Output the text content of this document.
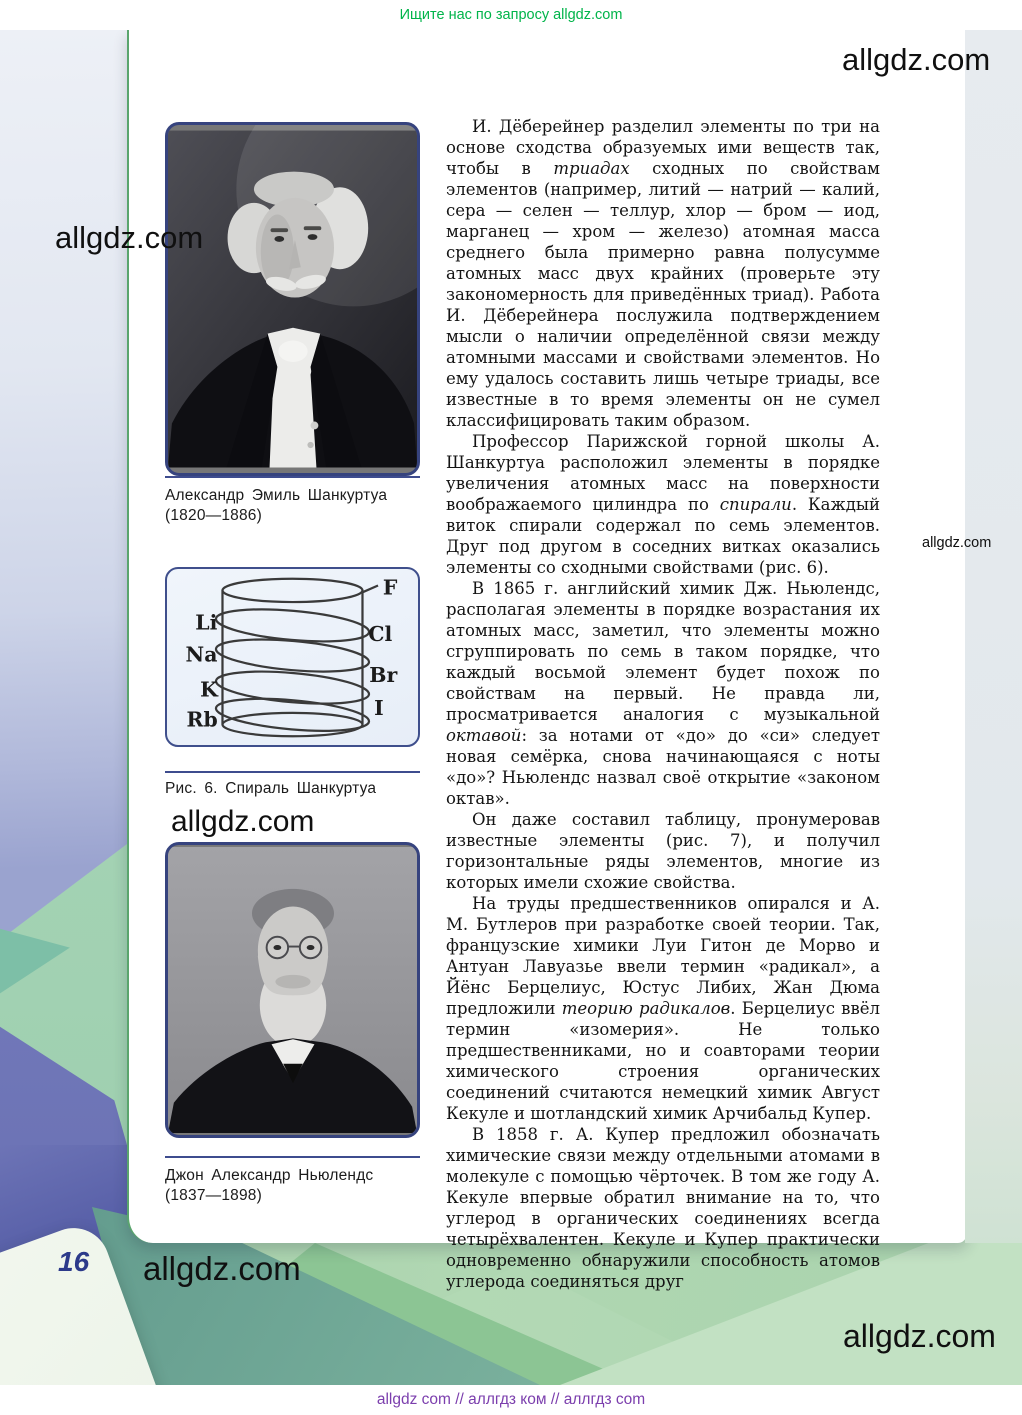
Ищите нас по запросу allgdz.com
Александр Эмиль Шанкуртуа
(1820—1886)
Li
Na
K
Rb
F
Cl
Br
I
Рис. 6. Спираль Шанкуртуа
Джон Александр Ньюлендс
(1837—1898)

И. Дёберейнер разделил элементы по три на основе сходства образуемых ими веществ так, чтобы в триадах сходных по свойствам элементов (например, литий — натрий — калий, сера — селен — теллур, хлор — бром — иод, марганец — хром — железо) атомная масса среднего была примерно равна полусумме атомных масс двух крайних (проверьте эту закономерность для приведённых триад). Работа И. Дёберейнера послужила подтверждением мысли о наличии определённой связи между атомными массами и свойствами элементов. Но ему удалось составить лишь четыре триады, все известные в то время элементы он не сумел классифицировать таким образом.

Профессор Парижской горной школы А. Шанкуртуа расположил элементы в порядке увеличения атомных масс на поверхности воображаемого цилиндра по спирали. Каждый виток спирали содержал по семь элементов. Друг под другом в соседних витках оказались элементы со сходными свойствами (рис. 6).

В 1865 г. английский химик Дж. Ньюлендс, располагая элементы в порядке возрастания их атомных масс, заметил, что элементы можно сгруппировать по семь в таком порядке, что каждый восьмой элемент будет похож по свойствам на первый. Не правда ли, просматривается аналогия с музыкальной октавой: за нотами от «до» до «си» следует новая семёрка, снова начинающаяся с ноты «до»? Ньюлендс назвал своё открытие «законом октав».

Он даже составил таблицу, пронумеровав известные элементы (рис. 7), и получил горизонтальные ряды элементов, многие из которых имели схожие свойства.

На труды предшественников опирался и А. М. Бутлеров при разработке своей теории. Так, французские химики Луи Гитон де Морво и Антуан Лавуазье ввели термин «радикал», а Йёнс Берцелиус, Юстус Либих, Жан Дюма предложили теорию радикалов. Берцелиус ввёл термин «изомерия». Не только предшественниками, но и соавторами теории химического строения органических соединений считаются немецкий химик Август Кекуле и шотландский химик Арчибальд Купер.

В 1858 г. А. Купер предложил обозначать химические связи между отдельными атомами в молекуле с помощью чёрточек. В том же году А. Кекуле впервые обратил внимание на то, что углерод в органических соединениях всегда четырёхвалентен. Кекуле и Купер практически одновременно обнаружили способность атомов углерода соединяться друг

allgdz.com
allgdz.com
allgdz.com
allgdz.com
allgdz.com
allgdz.com
16
allgdz com // аллгдз ком // аллгдз com
